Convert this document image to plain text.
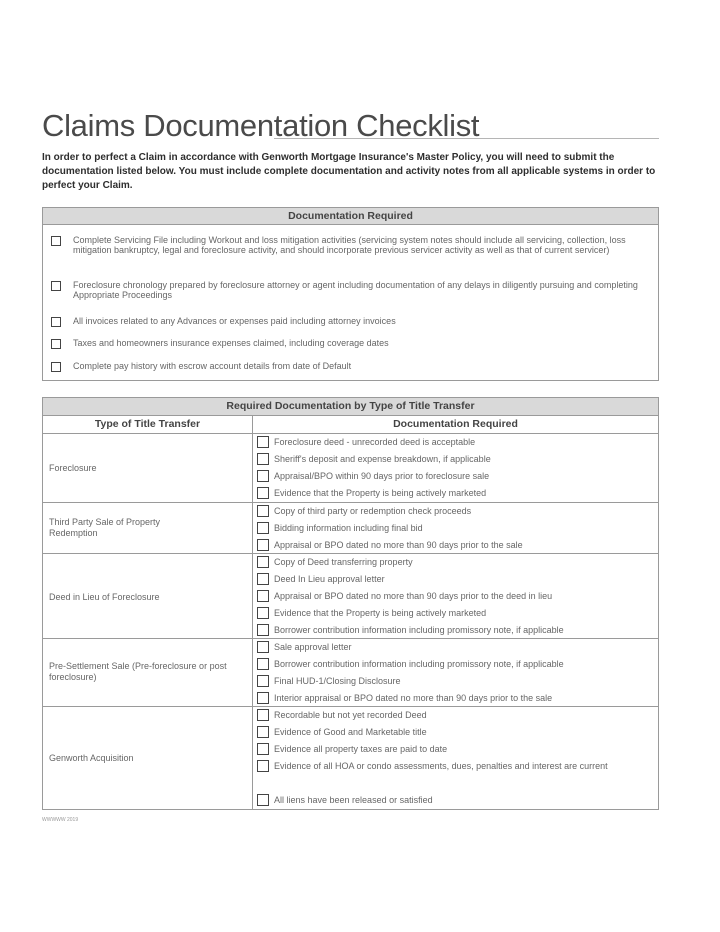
Claims Documentation Checklist
In order to perfect a Claim in accordance with Genworth Mortgage Insurance's Master Policy, you will need to submit the documentation listed below. You must include complete documentation and activity notes from all applicable systems in order to perfect your Claim.
Documentation Required
Complete Servicing File including Workout and loss mitigation activities (servicing system notes should include all servicing, collection, loss mitigation bankruptcy, legal and foreclosure activity, and should incorporate previous servicer activity as well as that of current servicer)
Foreclosure chronology prepared by foreclosure attorney or agent including documentation of any delays in diligently pursuing and completing Appropriate Proceedings
All invoices related to any Advances or expenses paid including attorney invoices
Taxes and homeowners insurance expenses claimed, including coverage dates
Complete pay history with escrow account details from date of Default
Required Documentation by Type of Title Transfer
Type of Title Transfer	Documentation Required
Foreclosure
Foreclosure deed - unrecorded deed is acceptable
Sheriff's deposit and expense breakdown, if applicable
Appraisal/BPO within 90 days prior to foreclosure sale
Evidence that the Property is being actively marketed
Third Party Sale of Property Redemption
Copy of third party or redemption check proceeds
Bidding information including final bid
Appraisal or BPO dated no more than 90 days prior to the sale
Deed in Lieu of Foreclosure
Copy of Deed transferring property
Deed In Lieu approval letter
Appraisal or BPO dated no more than 90 days prior to the deed in lieu
Evidence that the Property is being actively marketed
Borrower contribution information including promissory note, if applicable
Pre-Settlement Sale (Pre-foreclosure or post foreclosure)
Sale approval letter
Borrower contribution information including promissory note, if applicable
Final HUD-1/Closing Disclosure
Interior appraisal or BPO dated no more than 90 days prior to the sale
Genworth Acquisition
Recordable but not yet recorded Deed
Evidence of Good and Marketable title
Evidence all property taxes are paid to date
Evidence of all HOA or condo assessments, dues, penalties and interest are current
All liens have been released or satisfied
WWWWW 2019
